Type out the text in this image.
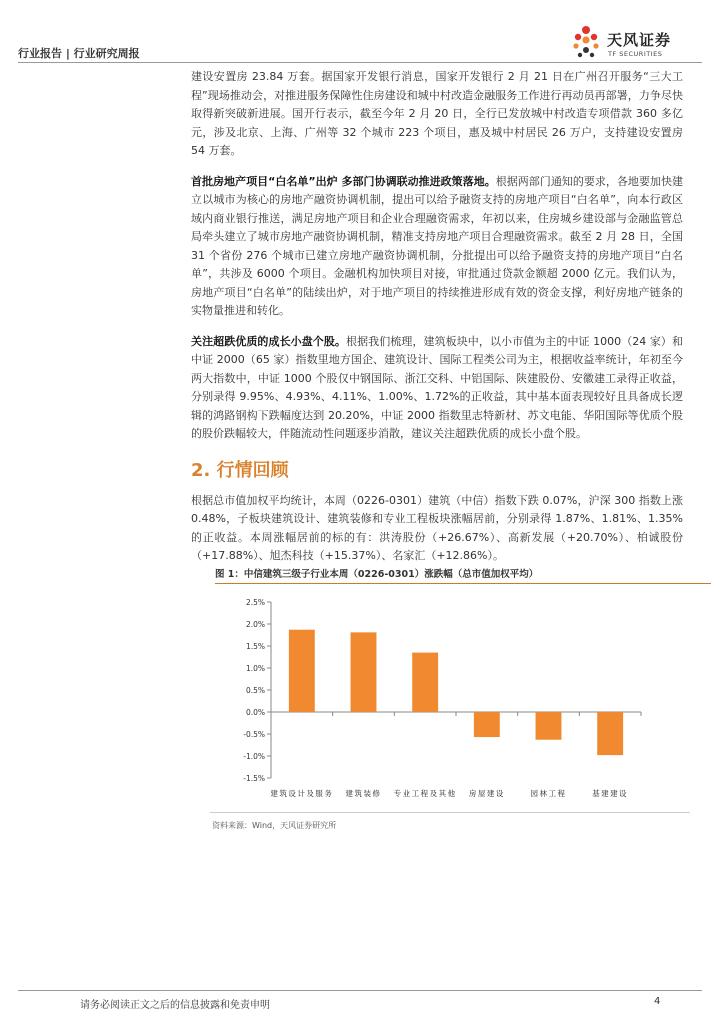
行业报告 | 行业研究周报
天风证券
TF SECURITIES

建设安置房 23.84 万套。据国家开发银行消息，国家开发银行 2 月 21 日在广州召开服务“三大工程”现场推动会，对推进服务保障性住房建设和城中村改造金融服务工作进行再动员再部署，力争尽快取得新突破新进展。国开行表示，截至今年 2 月 20 日，全行已发放城中村改造专项借款 360 多亿元，涉及北京、上海、广州等 32 个城市 223 个项目，惠及城中村居民 26 万户，支持建设安置房 54 万套。

首批房地产项目“白名单”出炉 多部门协调联动推进政策落地。根据两部门通知的要求，各地要加快建立以城市为核心的房地产融资协调机制，提出可以给予融资支持的房地产项目“白名单”，向本行政区域内商业银行推送，满足房地产项目和企业合理融资需求，年初以来，住房城乡建设部与金融监管总局牵头建立了城市房地产融资协调机制，精准支持房地产项目合理融资需求。截至 2 月 28 日，全国 31 个省份 276 个城市已建立房地产融资协调机制，分批提出可以给予融资支持的房地产项目“白名单”，共涉及 6000 个项目。金融机构加快项目对接，审批通过贷款金额超 2000 亿元。我们认为，房地产项目“白名单”的陆续出炉，对于地产项目的持续推进形成有效的资金支撑，利好房地产链条的实物量推进和转化。

关注超跌优质的成长小盘个股。根据我们梳理，建筑板块中，以小市值为主的中证 1000（24 家）和中证 2000（65 家）指数里地方国企、建筑设计、国际工程类公司为主，根据收益率统计，年初至今两大指数中，中证 1000 个股仅中钢国际、浙江交科、中铝国际、陕建股份、安徽建工录得正收益，分别录得 9.95%、4.93%、4.11%、1.00%、1.72%的正收益，其中基本面表现较好且具备成长逻辑的鸿路钢构下跌幅度达到 20.20%，中证 2000 指数里志特新材、苏文电能、华阳国际等优质个股的股价跌幅较大，伴随流动性问题逐步消散，建议关注超跌优质的成长小盘个股。

2. 行情回顾

根据总市值加权平均统计，本周（0226-0301）建筑（中信）指数下跌 0.07%，沪深 300 指数上涨 0.48%，子板块建筑设计、建筑装修和专业工程板块涨幅居前，分别录得 1.87%、1.81%、1.35%的正收益。本周涨幅居前的标的有：洪涛股份（+26.67%）、高新发展（+20.70%）、柏诚股份（+17.88%）、旭杰科技（+15.37%）、名家汇（+12.86%）。

图 1：中信建筑三级子行业本周（0226-0301）涨跌幅（总市值加权平均）
2.5%
2.0%
1.5%
1.0%
0.5%
0.0%
-0.5%
-1.0%
-1.5%
建筑设计及服务 建筑装修 专业工程及其他 房屋建设	园林工程	基建建设
资料来源：Wind，天风证券研究所
请务必阅读正文之后的信息披露和免责申明	4
